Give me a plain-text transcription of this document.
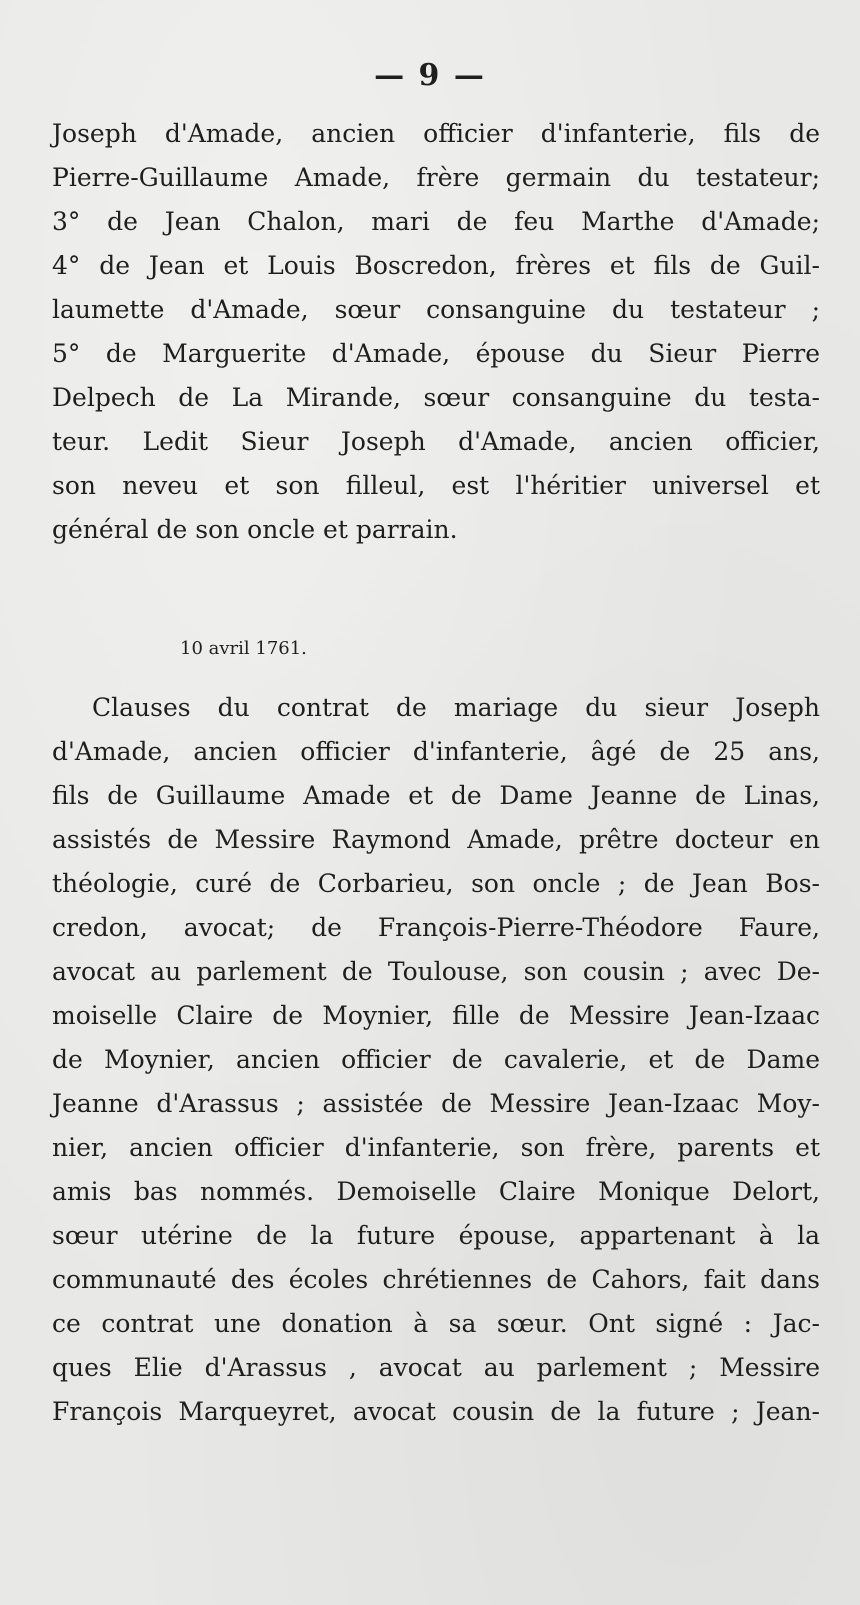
— 9 —
Joseph d'Amade, ancien officier d'infanterie, fils de
Pierre-Guillaume Amade, frère germain du testateur;
3° de Jean Chalon, mari de feu Marthe d'Amade;
4° de Jean et Louis Boscredon, frères et fils de Guil-
laumette d'Amade, sœur consanguine du testateur ;
5° de Marguerite d'Amade, épouse du Sieur Pierre
Delpech de La Mirande, sœur consanguine du testa-
teur. Ledit Sieur Joseph d'Amade, ancien officier,
son neveu et son filleul, est l'héritier universel et
général de son oncle et parrain.
10 avril 1761.
Clauses du contrat de mariage du sieur Joseph
d'Amade, ancien officier d'infanterie, âgé de 25 ans,
fils de Guillaume Amade et de Dame Jeanne de Linas,
assistés de Messire Raymond Amade, prêtre docteur en
théologie, curé de Corbarieu, son oncle ; de Jean Bos-
credon, avocat; de François-Pierre-Théodore Faure,
avocat au parlement de Toulouse, son cousin ; avec De-
moiselle Claire de Moynier, fille de Messire Jean-Izaac
de Moynier, ancien officier de cavalerie, et de Dame
Jeanne d'Arassus ; assistée de Messire Jean-Izaac Moy-
nier, ancien officier d'infanterie, son frère, parents et
amis bas nommés. Demoiselle Claire Monique Delort,
sœur utérine de la future épouse, appartenant à la
communauté des écoles chrétiennes de Cahors, fait dans
ce contrat une donation à sa sœur. Ont signé : Jac-
ques Elie d'Arassus , avocat au parlement ; Messire
François Marqueyret, avocat cousin de la future ; Jean-
